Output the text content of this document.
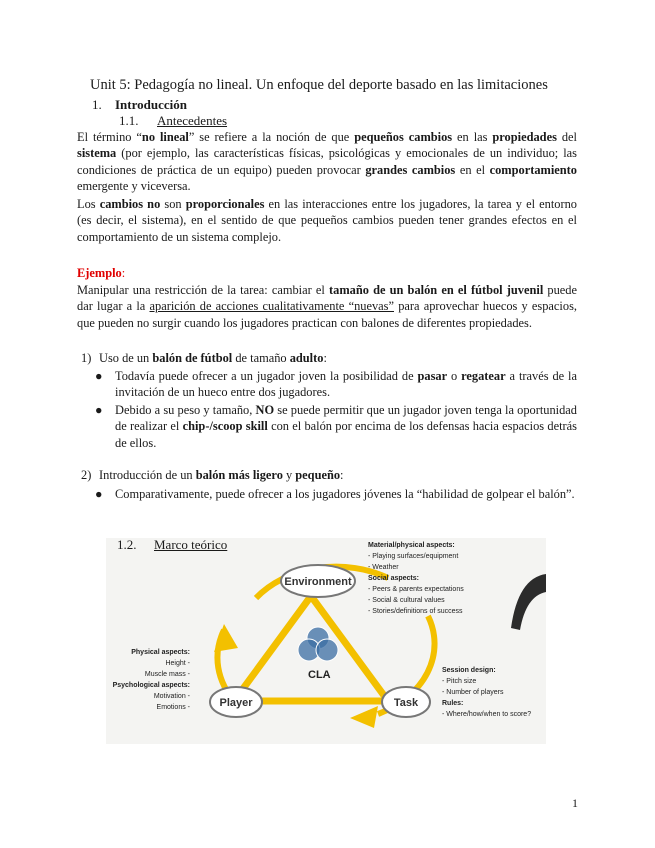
Unit 5: Pedagogía no lineal. Un enfoque del deporte basado en las limitaciones
1. Introducción
1.1. Antecedentes

El término “no lineal” se refiere a la noción de que pequeños cambios en las propiedades del sistema (por ejemplo, las características físicas, psicológicas y emocionales de un individuo; las condiciones de práctica de un equipo) pueden provocar grandes cambios en el comportamiento emergente y viceversa.

Los cambios no son proporcionales en las interacciones entre los jugadores, la tarea y el entorno (es decir, el sistema), en el sentido de que pequeños cambios pueden tener grandes efectos en el comportamiento de un sistema complejo.

Ejemplo:

Manipular una restricción de la tarea: cambiar el tamaño de un balón en el fútbol juvenil puede dar lugar a la aparición de acciones cualitativamente “nuevas” para aprovechar huecos y espacios, que pueden no surgir cuando los jugadores practican con balones de diferentes propiedades.

1) Uso de un balón de fútbol de tamaño adulto:
● Todavía puede ofrecer a un jugador joven la posibilidad de pasar o regatear a través de la invitación de un hueco entre dos jugadores.
● Debido a su peso y tamaño, NO se puede permitir que un jugador joven tenga la oportunidad de realizar el chip-/scoop skill con el balón por encima de los defensas hacia espacios detrás de ellos.
2) Introducción de un balón más ligero y pequeño:
● Comparativamente, puede ofrecer a los jugadores jóvenes la “habilidad de golpear el balón”.
CLA
Environment
Player	Task
Material/physical aspects:
- Playing surfaces/equipment
- Weather
Social aspects:
- Peers & parents expectations
- Social & cultural values
- Stories/definitions of success
Physical aspects:
Height -
Muscle mass -
Psychological aspects:
Motivation -
Emotions -
Session design:
- Pitch size
- Number of players
Rules:
- Where/how/when to score?
1.2. Marco teórico
1
